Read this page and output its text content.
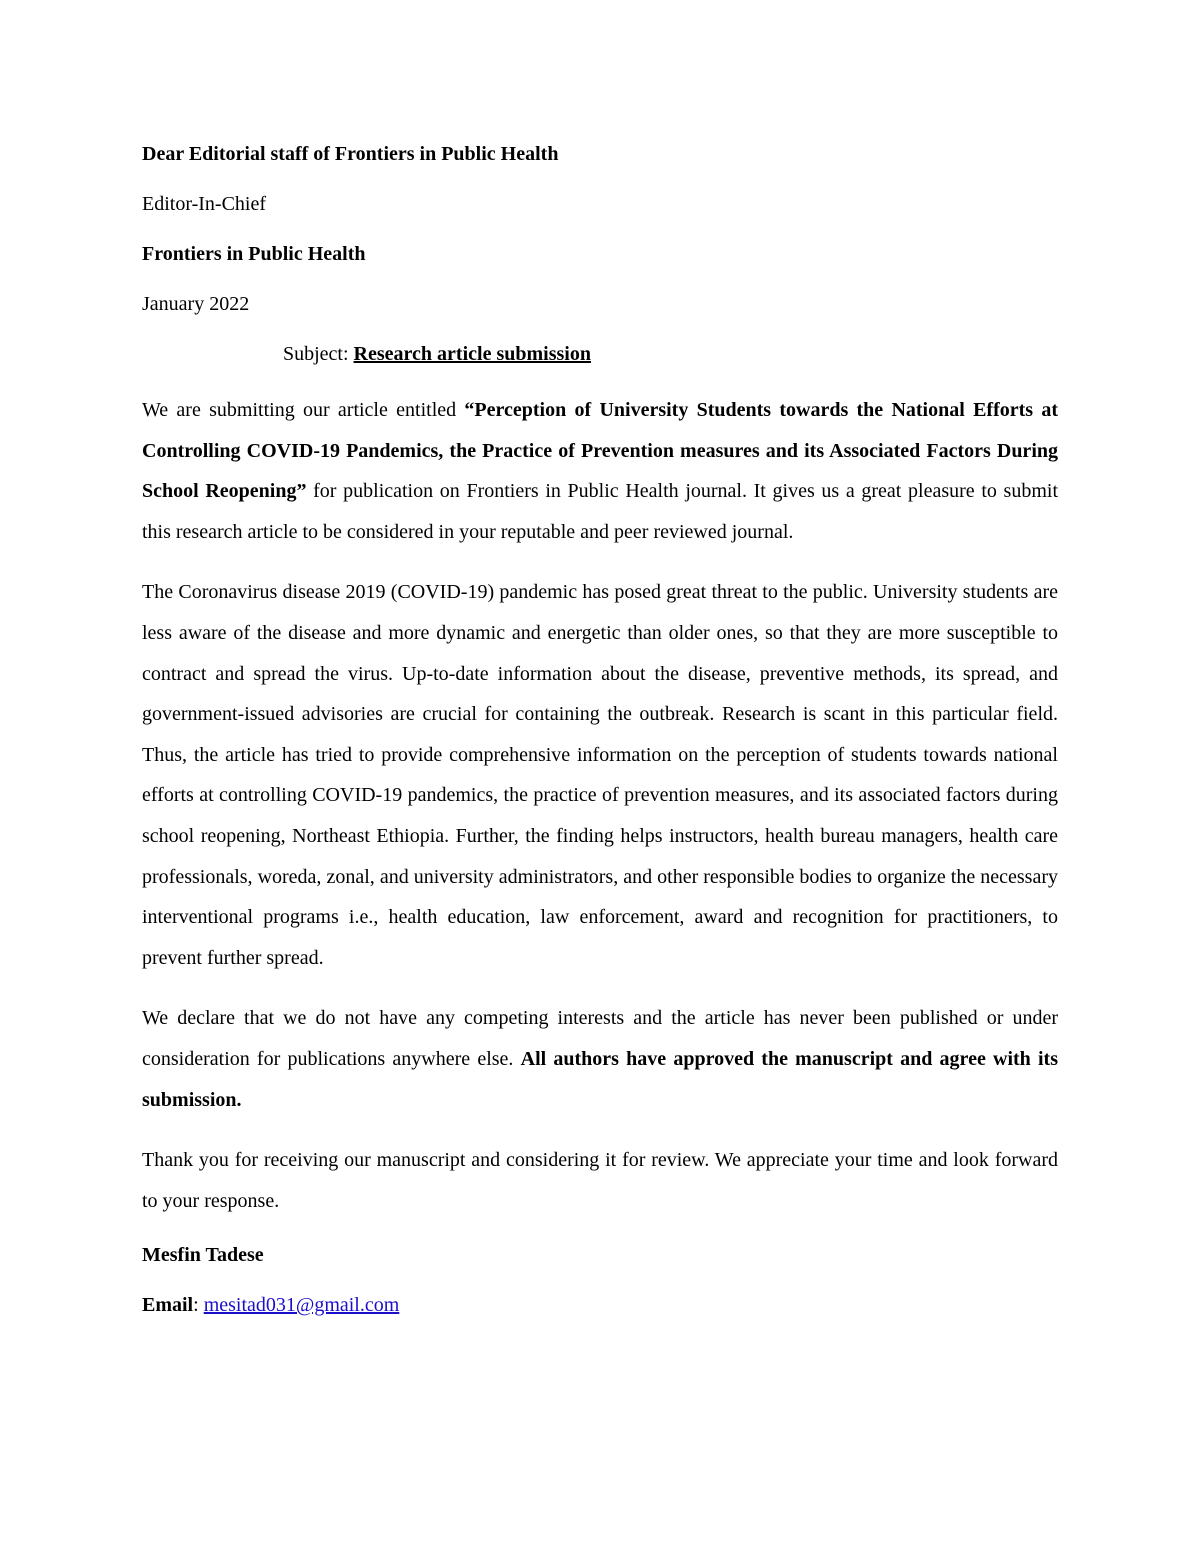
Dear Editorial staff of Frontiers in Public Health
Editor-In-Chief
Frontiers in Public Health
January 2022
Subject: Research article submission

We are submitting our article entitled “Perception of University Students towards the National Efforts at Controlling COVID-19 Pandemics, the Practice of Prevention measures and its Associated Factors During School Reopening” for publication on Frontiers in Public Health journal. It gives us a great pleasure to submit this research article to be considered in your reputable and peer reviewed journal.

The Coronavirus disease 2019 (COVID-19) pandemic has posed great threat to the public. University students are less aware of the disease and more dynamic and energetic than older ones, so that they are more susceptible to contract and spread the virus. Up-to-date information about the disease, preventive methods, its spread, and government-issued advisories are crucial for containing the outbreak. Research is scant in this particular field. Thus, the article has tried to provide comprehensive information on the perception of students towards national efforts at controlling COVID-19 pandemics, the practice of prevention measures, and its associated factors during school reopening, Northeast Ethiopia. Further, the finding helps instructors, health bureau managers, health care professionals, woreda, zonal, and university administrators, and other responsible bodies to organize the necessary interventional programs i.e., health education, law enforcement, award and recognition for practitioners, to prevent further spread.

We declare that we do not have any competing interests and the article has never been published or under consideration for publications anywhere else. All authors have approved the manuscript and agree with its submission.

Thank you for receiving our manuscript and considering it for review. We appreciate your time and look forward to your response.

Mesfin Tadese
Email: mesitad031@gmail.com
